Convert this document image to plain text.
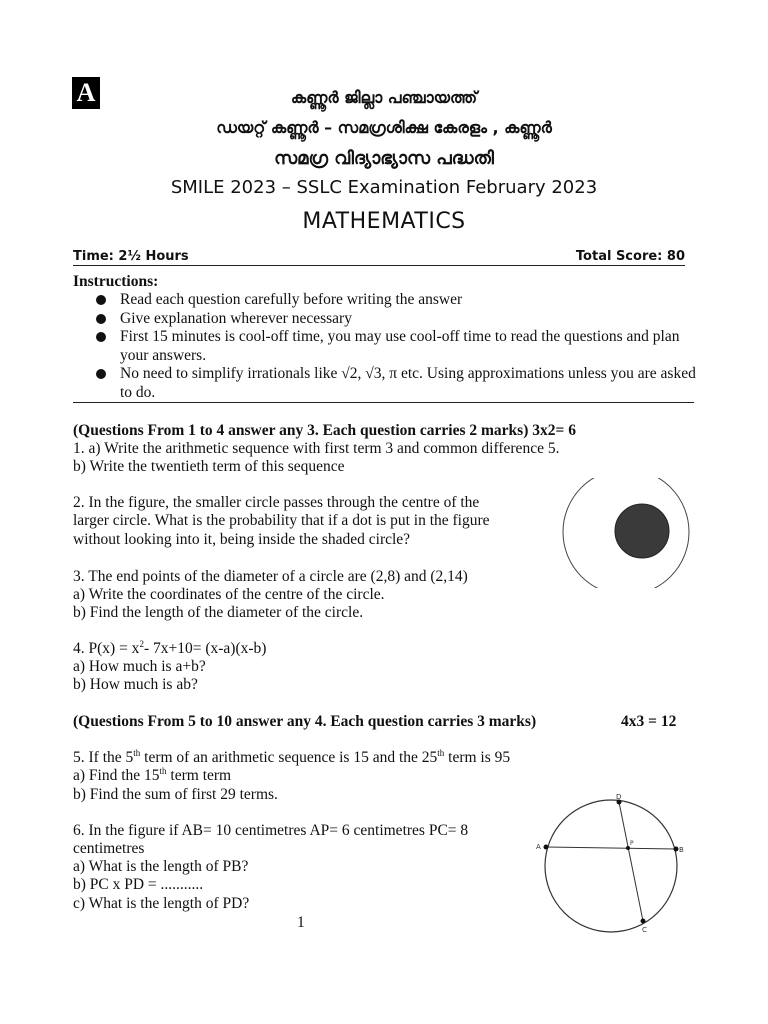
A	കണ്ണൂർ ജില്ലാ പഞ്ചായത്ത്
ഡയറ്റ് കണ്ണൂർ – സമഗ്രശിക്ഷ കേരളം , കണ്ണൂർ
സമഗ്ര വിദ്യാഭ്യാസ പദ്ധതി
SMILE 2023 – SSLC Examination February 2023
MATHEMATICS
Time: 2½ Hours	Total Score: 80
Instructions:
Read each question carefully before writing the answer
Give explanation wherever necessary
First 15 minutes is cool-off time, you may use cool-off time to read the questions and plan your answers.
No need to simplify irrationals like √2, √3, π etc. Using approximations unless you are asked to do.
(Questions From 1 to 4 answer any 3. Each question carries 2 marks) 3x2= 6
1. a) Write the arithmetic sequence with first term 3 and common difference 5.
b) Write the twentieth term of this sequence
2. In the figure, the smaller circle passes through the centre of the
larger circle. What is the probability that if a dot is put in the figure
without looking into it, being inside the shaded circle?
3. The end points of the diameter of a circle are (2,8) and (2,14)
a) Write the coordinates of the centre of the circle.
b) Find the length of the diameter of the circle.
4. $P(x) = x^2-$ 7x+10= (x-a)(x-b)
a) How much is a+b?
b) How much is ab?
(Questions From 5 to 10 answer any 4. Each question carries 3 marks)	4x3 = 12
5. If the 5th term of an arithmetic sequence is 15 and the 25th term is 95
a) Find the 15th term term
b) Find the sum of first 29 terms.
6. In the figure if AB= 10 centimetres AP= 6 centimetres PC= 8
centimetres
a) What is the length of PB?
b) PC x PD = ...........
c) What is the length of PD?
A	B
D
C
P
1
